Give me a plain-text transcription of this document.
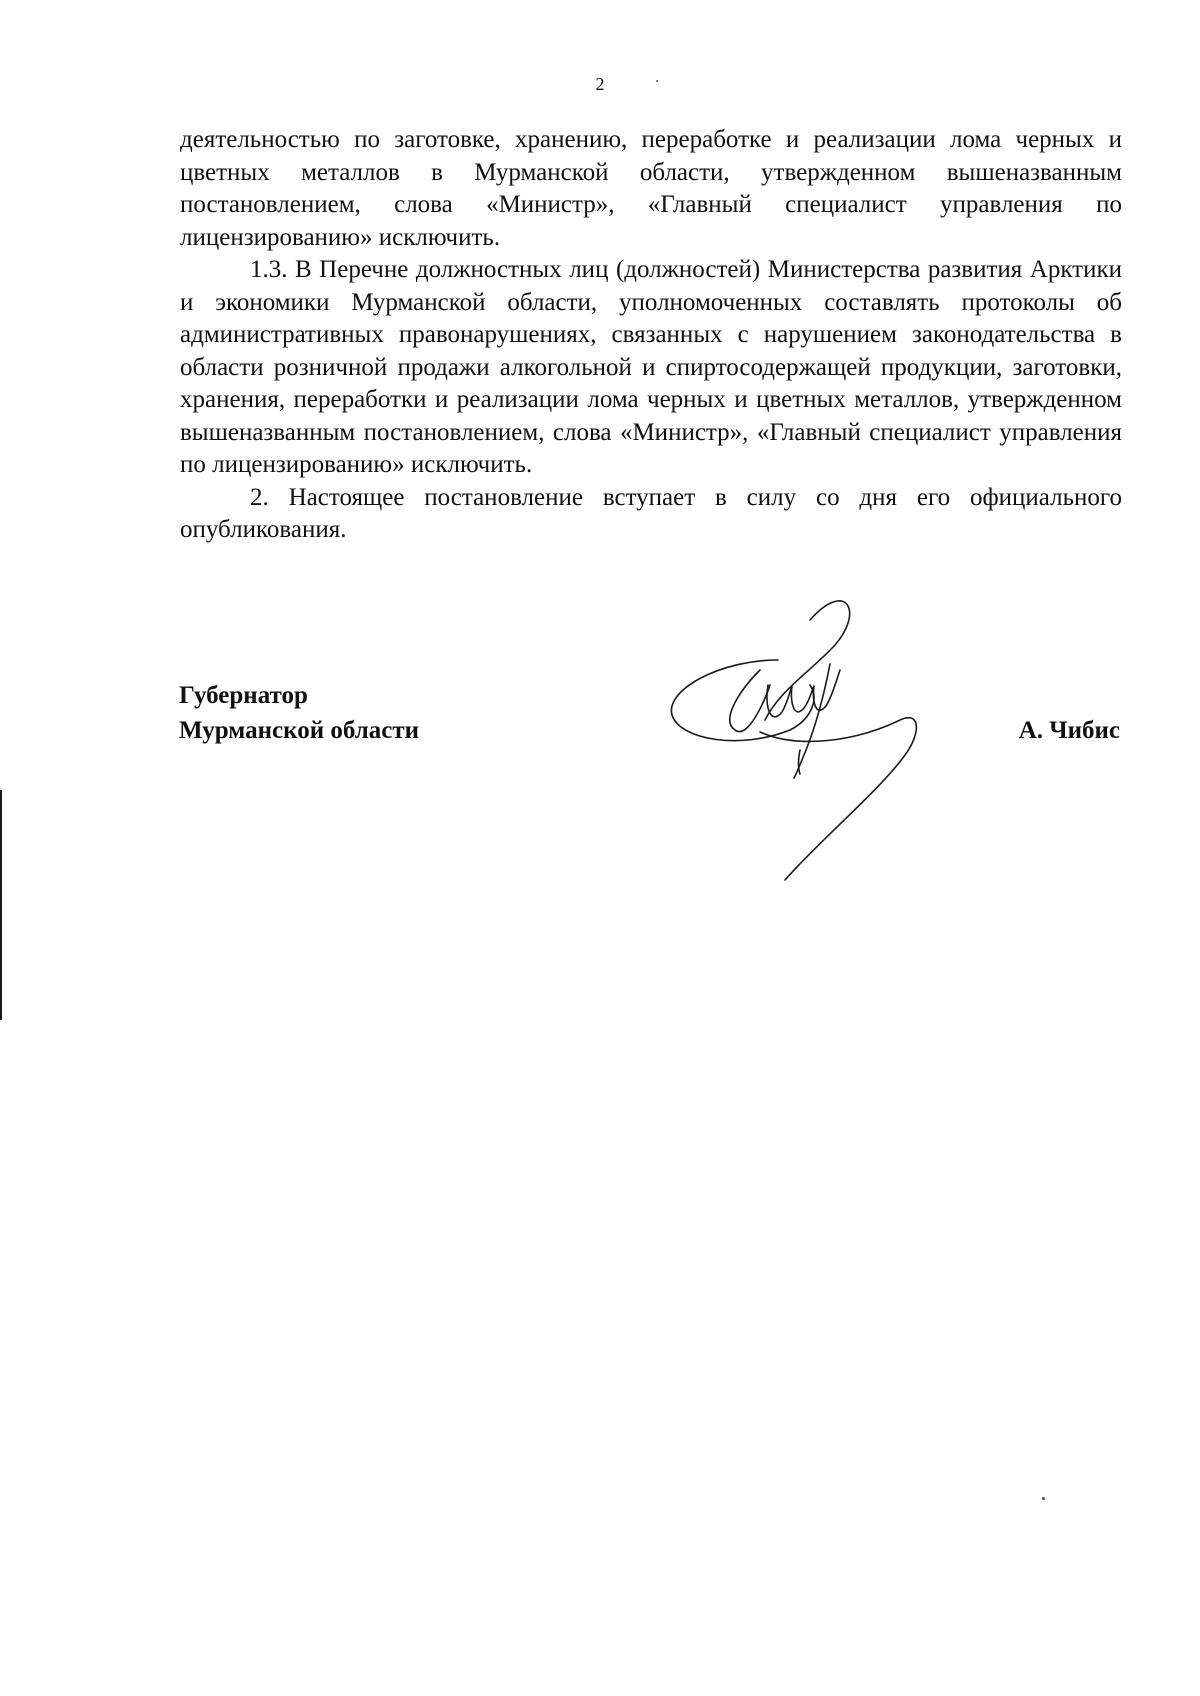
2

деятельностью по заготовке, хранению, переработке и реализации лома черных и цветных металлов в Мурманской области, утвержденном вышеназванным постановлением, слова «Министр», «Главный специалист управления по лицензированию» исключить.

1.3. В Перечне должностных лиц (должностей) Министерства развития Арктики и экономики Мурманской области, уполномоченных составлять протоколы об административных правонарушениях, связанных с нарушением законодательства в области розничной продажи алкогольной и спиртосодержащей продукции, заготовки, хранения, переработки и реализации лома черных и цветных металлов, утвержденном вышеназванным постановлением, слова «Министр», «Главный специалист управления по лицензированию» исключить.

2. Настоящее постановление вступает в силу со дня его официального опубликования.

Губернатор
Мурманской области	А. Чибис
